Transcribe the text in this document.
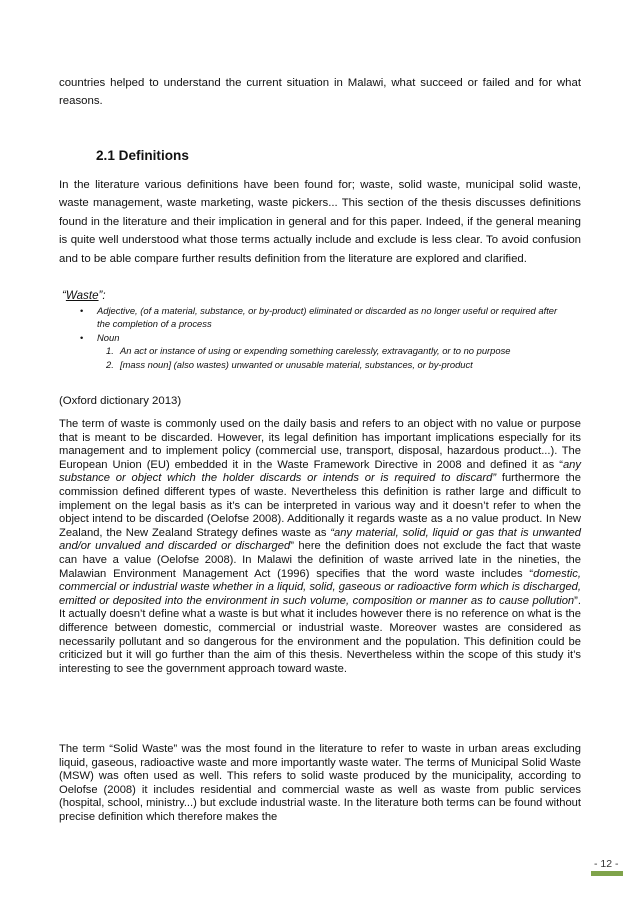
countries helped to understand the current situation in Malawi, what succeed or failed and for what reasons.

2.1 Definitions

In the literature various definitions have been found for; waste, solid waste, municipal solid waste, waste management, waste marketing, waste pickers... This section of the thesis discusses definitions found in the literature and their implication in general and for this paper. Indeed, if the general meaning is quite well understood what those terms actually include and exclude is less clear. To avoid confusion and to be able compare further results definition from the literature are explored and clarified.

“Waste”:
• Adjective, (of a material, substance, or by-product) eliminated or discarded as no longer useful or required after the completion of a process
• Noun
1. An act or instance of using or expending something carelessly, extravagantly, or to no purpose
2. [mass noun] (also wastes) unwanted or unusable material, substances, or by-product
(Oxford dictionary 2013)

The term of waste is commonly used on the daily basis and refers to an object with no value or purpose that is meant to be discarded. However, its legal definition has important implications especially for its management and to implement policy (commercial use, transport, disposal, hazardous product...). The European Union (EU) embedded it in the Waste Framework Directive in 2008 and defined it as “any substance or object which the holder discards or intends or is required to discard” furthermore the commission defined different types of waste. Nevertheless this definition is rather large and difficult to implement on the legal basis as it’s can be interpreted in various way and it doesn’t refer to when the object intend to be discarded (Oelofse 2008). Additionally it regards waste as a no value product. In New Zealand, the New Zealand Strategy defines waste as “any material, solid, liquid or gas that is unwanted and/or unvalued and discarded or discharged” here the definition does not exclude the fact that waste can have a value (Oelofse 2008). In Malawi the definition of waste arrived late in the nineties, the Malawian Environment Management Act (1996) specifies that the word waste includes “domestic, commercial or industrial waste whether in a liquid, solid, gaseous or radioactive form which is discharged, emitted or deposited into the environment in such volume, composition or manner as to cause pollution”. It actually doesn’t define what a waste is but what it includes however there is no reference on what is the difference between domestic, commercial or industrial waste. Moreover wastes are considered as necessarily pollutant and so dangerous for the environment and the population. This definition could be criticized but it will go further than the aim of this thesis. Nevertheless within the scope of this study it’s interesting to see the government approach toward waste.

The term “Solid Waste” was the most found in the literature to refer to waste in urban areas excluding liquid, gaseous, radioactive waste and more importantly waste water. The terms of Municipal Solid Waste (MSW) was often used as well. This refers to solid waste produced by the municipality, according to Oelofse (2008) it includes residential and commercial waste as well as waste from public services (hospital, school, ministry...) but exclude industrial waste. In the literature both terms can be found without precise definition which therefore makes the

- 12 -
